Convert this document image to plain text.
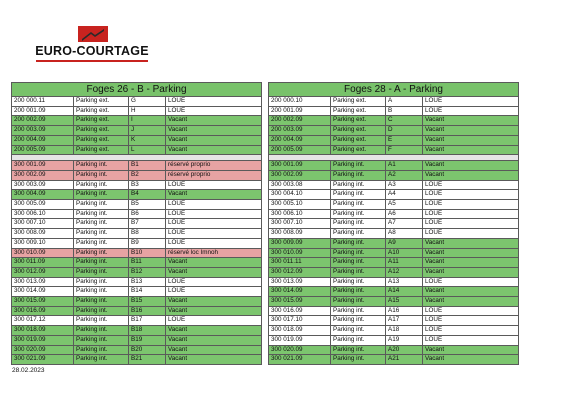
EURO-COURTAGE
Foges 26 - B - Parking			
200 000.11	Parking ext.	G	LOUE
200 001.09	Parking ext.	H	LOUE
200 002.09	Parking ext.	I	Vacant
200 003.09	Parking ext.	J	Vacant
200 004.09	Parking ext.	K	Vacant
200 005.09	Parking ext.	L	Vacant

300 001.09	Parking int.	B1	réservé proprio
300 002.09	Parking int.	B2	réservé proprio
300 003.09	Parking int.	B3	LOUE
300 004.09	Parking int.	B4	Vacant
300 005.09	Parking int.	B5	LOUE
300 006.10	Parking int.	B6	LOUE
300 007.10	Parking int.	B7	LOUE
300 008.09	Parking int.	B8	LOUE
300 009.10	Parking int.	B9	LOUE
300 010.09	Parking int.	B10	réservé loc Imnoh
300 011.09	Parking int.	B11	Vacant
300 012.09	Parking int.	B12	Vacant
300 013.09	Parking int.	B13	LOUE
300 014.09	Parking int.	B14	LOUE
300 015.09	Parking int.	B15	Vacant
300 016.09	Parking int.	B16	Vacant
300 017.12	Parking int.	B17	LOUE
300 018.09	Parking int.	B18	Vacant
300 019.09	Parking int.	B19	Vacant
300 020.09	Parking int.	B20	Vacant
300 021.09	Parking int.	B21	Vacant
Foges 28 - A - Parking			
200 000.10	Parking ext.	A	LOUE
200 001.09	Parking ext.	B	LOUE
200 002.09	Parking ext.	C	Vacant
200 003.09	Parking ext.	D	Vacant
200 004.09	Parking ext.	E	Vacant
200 005.09	Parking ext.	F	Vacant

300 001.09	Parking int.	A1	Vacant
300 002.09	Parking int.	A2	Vacant
300 003.08	Parking int.	A3	LOUE
300 004.10	Parking int.	A4	LOUE
300 005.10	Parking int.	A5	LOUE
300 006.10	Parking int.	A6	LOUE
300 007.10	Parking int.	A7	LOUE
300 008.09	Parking int.	A8	LOUE
300 009.09	Parking int.	A9	Vacant
300 010.09	Parking int.	A10	Vacant
300 011.11	Parking int.	A11	Vacant
300 012.09	Parking int.	A12	Vacant
300 013.09	Parking int.	A13	LOUE
300 014.09	Parking int.	A14	Vacant
300 015.09	Parking int.	A15	Vacant
300 016.09	Parking int.	A16	LOUE
300 017.10	Parking int.	A17	LOUE
300 018.09	Parking int.	A18	LOUE
300 019.09	Parking int.	A19	LOUE
300 020.09	Parking int.	A20	Vacant
300 021.09	Parking int.	A21	Vacant
28.02.2023
